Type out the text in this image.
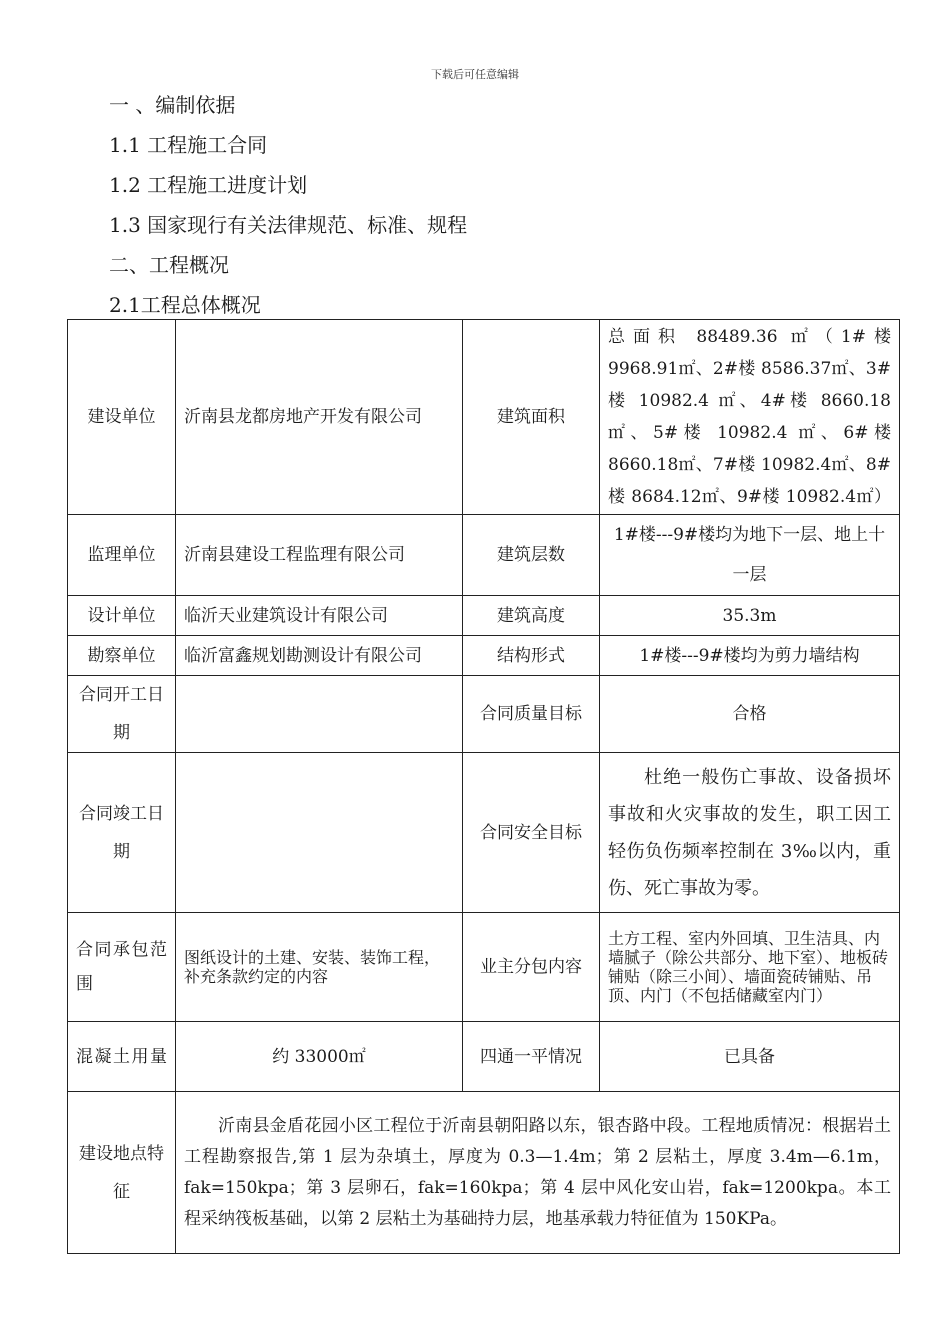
下载后可任意编辑
一 、编制依据
1.1 工程施工合同
1.2 工程施工进度计划
1.3 国家现行有关法律规范、标准、规程
二、工程概况
2.1工程总体概况
建设单位	沂南县龙都房地产开发有限公司	建筑面积	总面积 88489.36 ㎡（1#楼 9968.91㎡、2#楼 8586.37㎡、3#楼 10982.4 ㎡、4#楼 8660.18㎡、5#楼 10982.4 ㎡、6#楼 8660.18㎡、7#楼 10982.4㎡、8#楼 8684.12㎡、9#楼 10982.4㎡）
监理单位	沂南县建设工程监理有限公司	建筑层数	1#楼---9#楼均为地下一层、地上十一层
设计单位	临沂天业建筑设计有限公司	建筑高度	35.3m
勘察单位	临沂富鑫规划勘测设计有限公司	结构形式	1#楼---9#楼均为剪力墙结构
合同开工日期		合同质量目标	合格
合同竣工日期		合同安全目标	杜绝一般伤亡事故、设备损坏事故和火灾事故的发生，职工因工轻伤负伤频率控制在 3‰以内，重伤、死亡事故为零。
合同承包范围	图纸设计的土建、安装、装饰工程，补充条款约定的内容	业主分包内容	土方工程、室内外回填、卫生洁具、内墙腻子（除公共部分、地下室）、地板砖铺贴（除三小间）、墙面瓷砖铺贴、吊顶、内门（不包括储藏室内门）
混凝土用量	约 33000㎡	四通一平情况	已具备
建设地点特征	沂南县金盾花园小区工程位于沂南县朝阳路以东，银杏路中段。工程地质情况：根据岩土工程勘察报告,第 1 层为杂填土，厚度为 0.3—1.4m；第 2 层粘土，厚度 3.4m—6.1m，fak=150kpa；第 3 层卵石，fak=160kpa；第 4 层中风化安山岩，fak=1200kpa。本工程采纳筏板基础，以第 2 层粘土为基础持力层，地基承载力特征值为 150KPa。		
